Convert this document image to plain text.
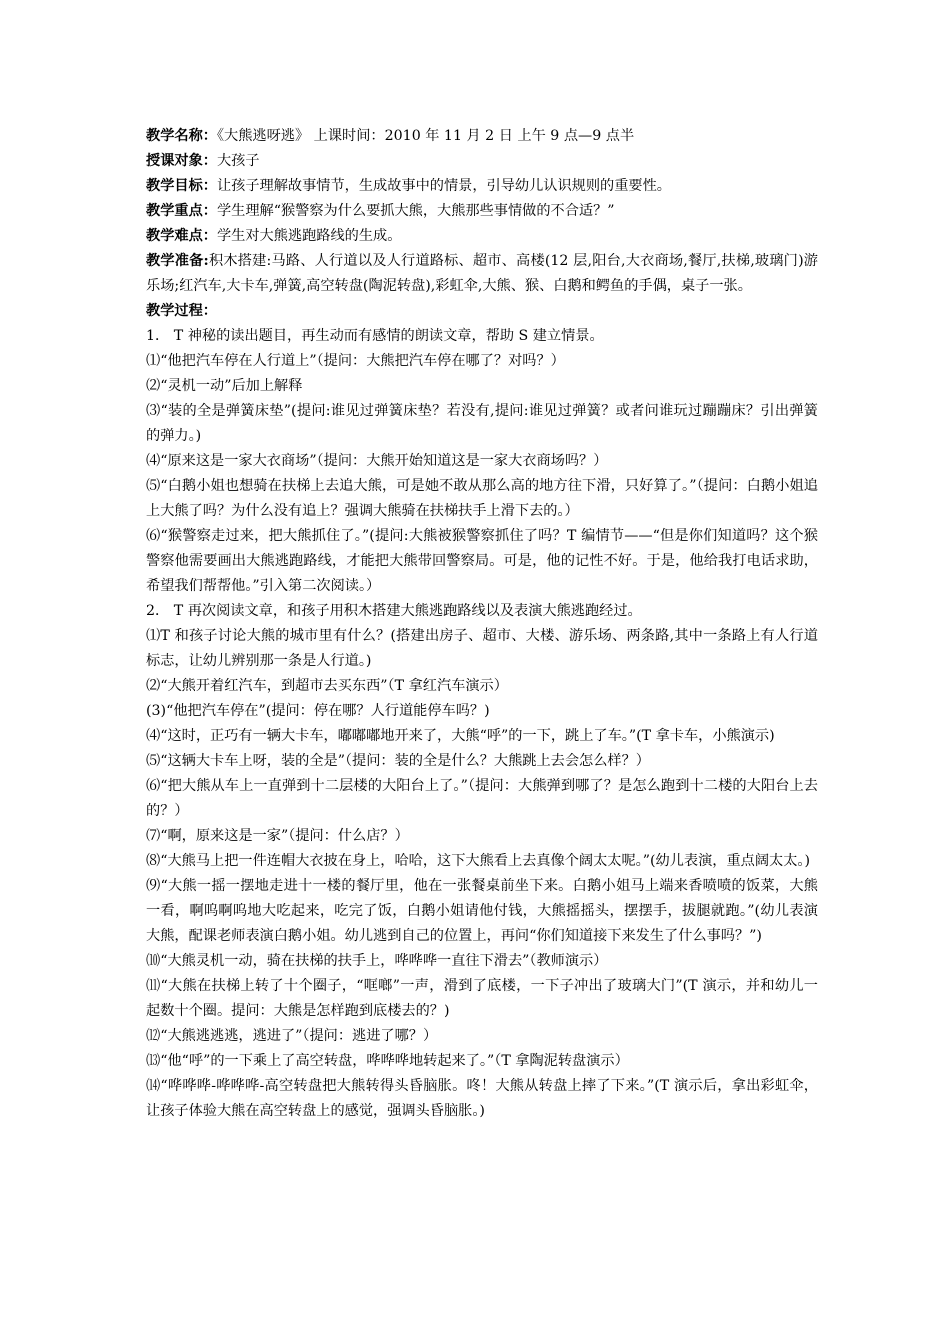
教学名称：《大熊逃呀逃》 上课时间：2010 年 11 月 2 日 上午 9 点—9 点半

授课对象：大孩子

教学目标：让孩子理解故事情节，生成故事中的情景，引导幼儿认识规则的重要性。

教学重点：学生理解“猴警察为什么要抓大熊，大熊那些事情做的不合适？”

教学难点：学生对大熊逃跑路线的生成。

教学准备:积木搭建:马路、人行道以及人行道路标、超市、高楼(12 层,阳台,大衣商场,餐厅,扶梯,玻璃门)游乐场;红汽车,大卡车,弹簧,高空转盘(陶泥转盘),彩虹伞,大熊、猴、白鹅和鳄鱼的手偶，桌子一张。

教学过程：

1． T 神秘的读出题目，再生动而有感情的朗读文章，帮助 S 建立情景。

⑴“他把汽车停在人行道上”（提问：大熊把汽车停在哪了？对吗？）

⑵“灵机一动”后加上解释

⑶“装的全是弹簧床垫”(提问:谁见过弹簧床垫？若没有,提问:谁见过弹簧？或者问谁玩过蹦蹦床？引出弹簧的弹力。)

⑷“原来这是一家大衣商场”（提问：大熊开始知道这是一家大衣商场吗？）

⑸“白鹅小姐也想骑在扶梯上去追大熊，可是她不敢从那么高的地方往下滑，只好算了。”（提问：白鹅小姐追上大熊了吗？为什么没有追上？强调大熊骑在扶梯扶手上滑下去的。）

⑹“猴警察走过来，把大熊抓住了。”(提问:大熊被猴警察抓住了吗？T 编情节——“但是你们知道吗？这个猴警察他需要画出大熊逃跑路线，才能把大熊带回警察局。可是，他的记性不好。于是，他给我打电话求助，希望我们帮帮他。”引入第二次阅读。）

2． T 再次阅读文章，和孩子用积木搭建大熊逃跑路线以及表演大熊逃跑经过。

⑴T 和孩子讨论大熊的城市里有什么？(搭建出房子、超市、大楼、游乐场、两条路,其中一条路上有人行道标志，让幼儿辨别那一条是人行道。)

⑵“大熊开着红汽车，到超市去买东西”（T 拿红汽车演示）

(3)“他把汽车停在”(提问：停在哪？人行道能停车吗？)

⑷“这时，正巧有一辆大卡车，嘟嘟嘟地开来了，大熊“呼”的一下，跳上了车。”(T 拿卡车，小熊演示)

⑸“这辆大卡车上呀，装的全是”（提问：装的全是什么？大熊跳上去会怎么样？）

⑹“把大熊从车上一直弹到十二层楼的大阳台上了。”（提问：大熊弹到哪了？是怎么跑到十二楼的大阳台上去的？）

⑺“啊，原来这是一家”（提问：什么店？）

⑻“大熊马上把一件连帽大衣披在身上，哈哈，这下大熊看上去真像个阔太太呢。”(幼儿表演，重点阔太太。)

⑼“大熊一摇一摆地走进十一楼的餐厅里，他在一张餐桌前坐下来。白鹅小姐马上端来香喷喷的饭菜，大熊一看，啊呜啊呜地大吃起来，吃完了饭，白鹅小姐请他付钱，大熊摇摇头，摆摆手，拔腿就跑。”(幼儿表演大熊，配课老师表演白鹅小姐。幼儿逃到自己的位置上，再问“你们知道接下来发生了什么事吗？”)

⑽“大熊灵机一动，骑在扶梯的扶手上，哗哗哗一直往下滑去”（教师演示）

⑾“大熊在扶梯上转了十个圈子，“哐啷”一声，滑到了底楼，一下子冲出了玻璃大门”(T 演示，并和幼儿一起数十个圈。提问：大熊是怎样跑到底楼去的？)

⑿“大熊逃逃逃，逃进了”（提问：逃进了哪？）

⒀“他“呼”的一下乘上了高空转盘，哗哗哗地转起来了。”（T 拿陶泥转盘演示）

⒁“哗哗哗-哗哗哗-高空转盘把大熊转得头昏脑胀。咚！大熊从转盘上摔了下来。”(T 演示后，拿出彩虹伞，让孩子体验大熊在高空转盘上的感觉，强调头昏脑胀。)
